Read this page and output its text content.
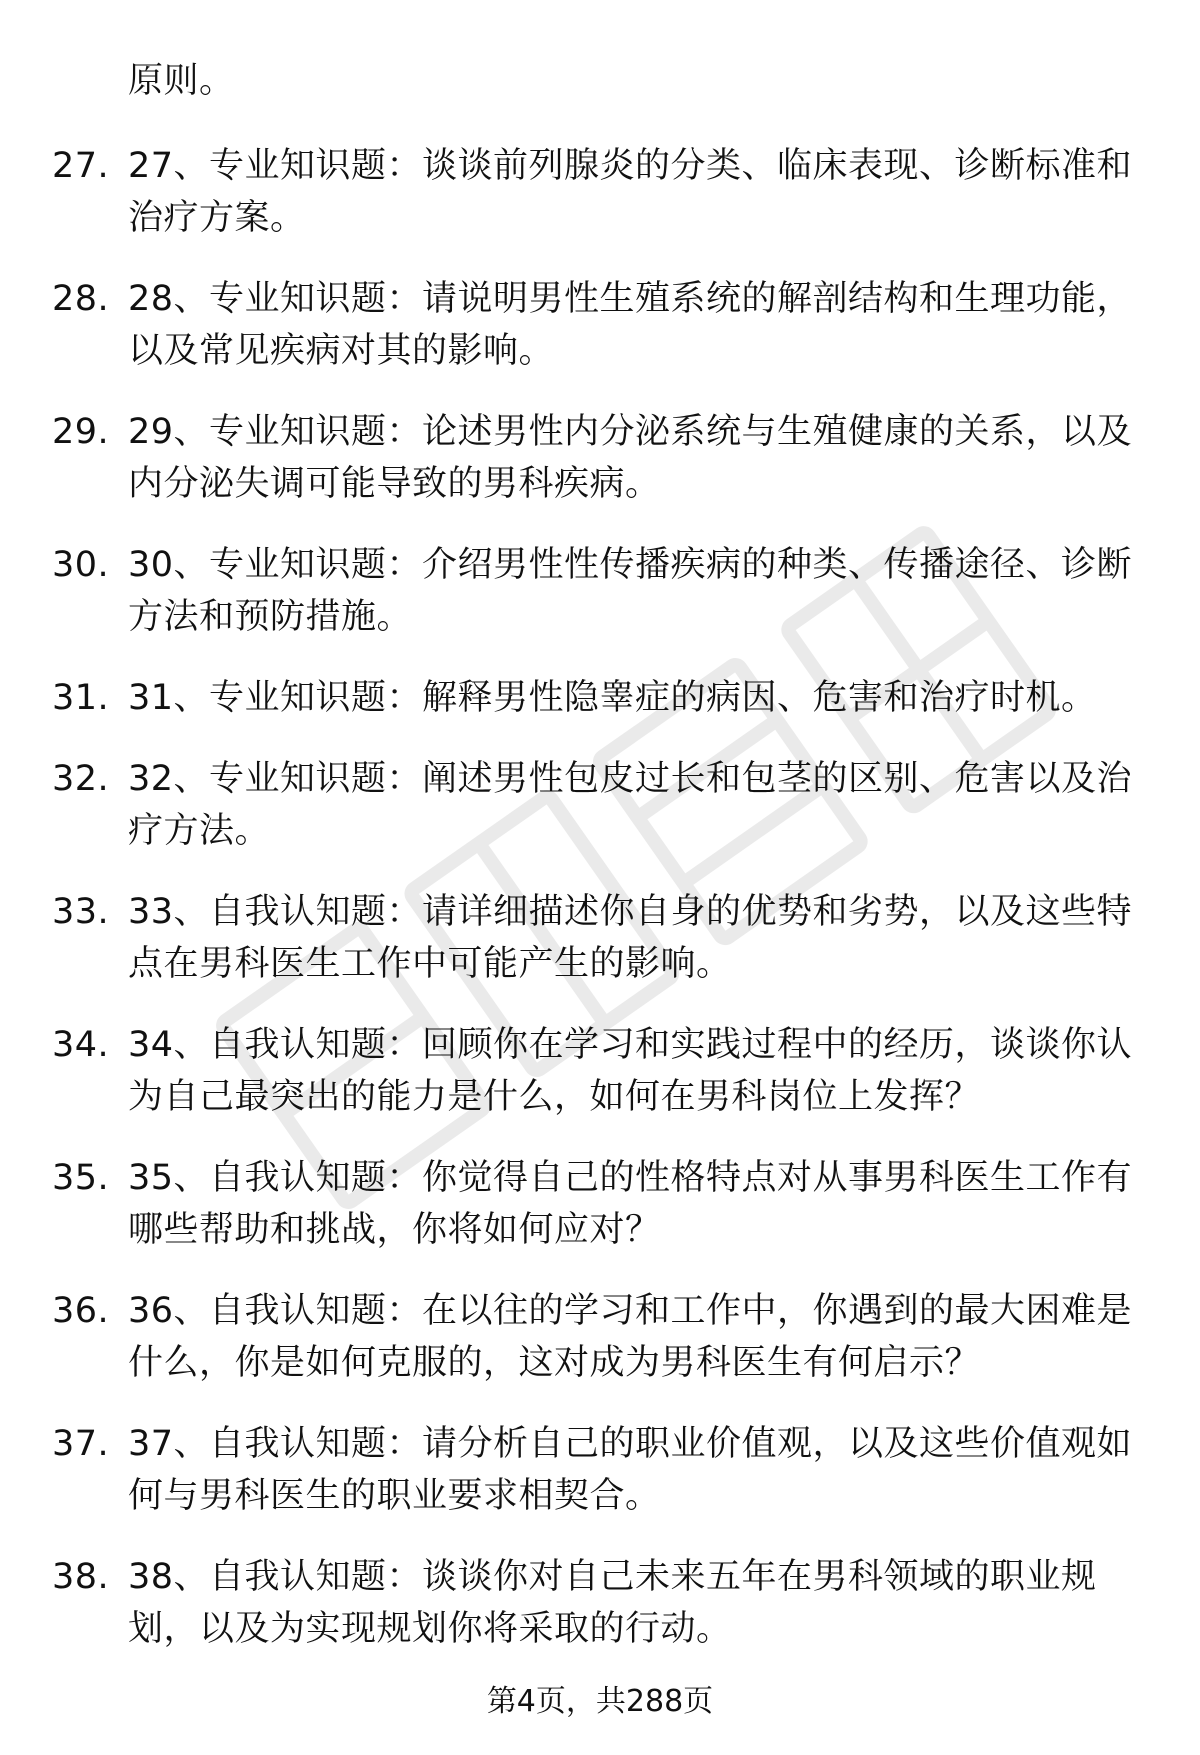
原则。
27. 27、专业知识题：谈谈前列腺炎的分类、临床表现、诊断标准和治疗方案。
28. 28、专业知识题：请说明男性生殖系统的解剖结构和生理功能，以及常见疾病对其的影响。
29. 29、专业知识题：论述男性内分泌系统与生殖健康的关系，以及内分泌失调可能导致的男科疾病。
30. 30、专业知识题：介绍男性性传播疾病的种类、传播途径、诊断方法和预防措施。
31. 31、专业知识题：解释男性隐睾症的病因、危害和治疗时机。
32. 32、专业知识题：阐述男性包皮过长和包茎的区别、危害以及治疗方法。
33. 33、自我认知题：请详细描述你自身的优势和劣势，以及这些特点在男科医生工作中可能产生的影响。
34. 34、自我认知题：回顾你在学习和实践过程中的经历，谈谈你认为自己最突出的能力是什么，如何在男科岗位上发挥？
35. 35、自我认知题：你觉得自己的性格特点对从事男科医生工作有哪些帮助和挑战，你将如何应对？
36. 36、自我认知题：在以往的学习和工作中，你遇到的最大困难是什么，你是如何克服的，这对成为男科医生有何启示？
37. 37、自我认知题：请分析自己的职业价值观，以及这些价值观如何与男科医生的职业要求相契合。
38. 38、自我认知题：谈谈你对自己未来五年在男科领域的职业规划，以及为实现规划你将采取的行动。
第4页，共288页
